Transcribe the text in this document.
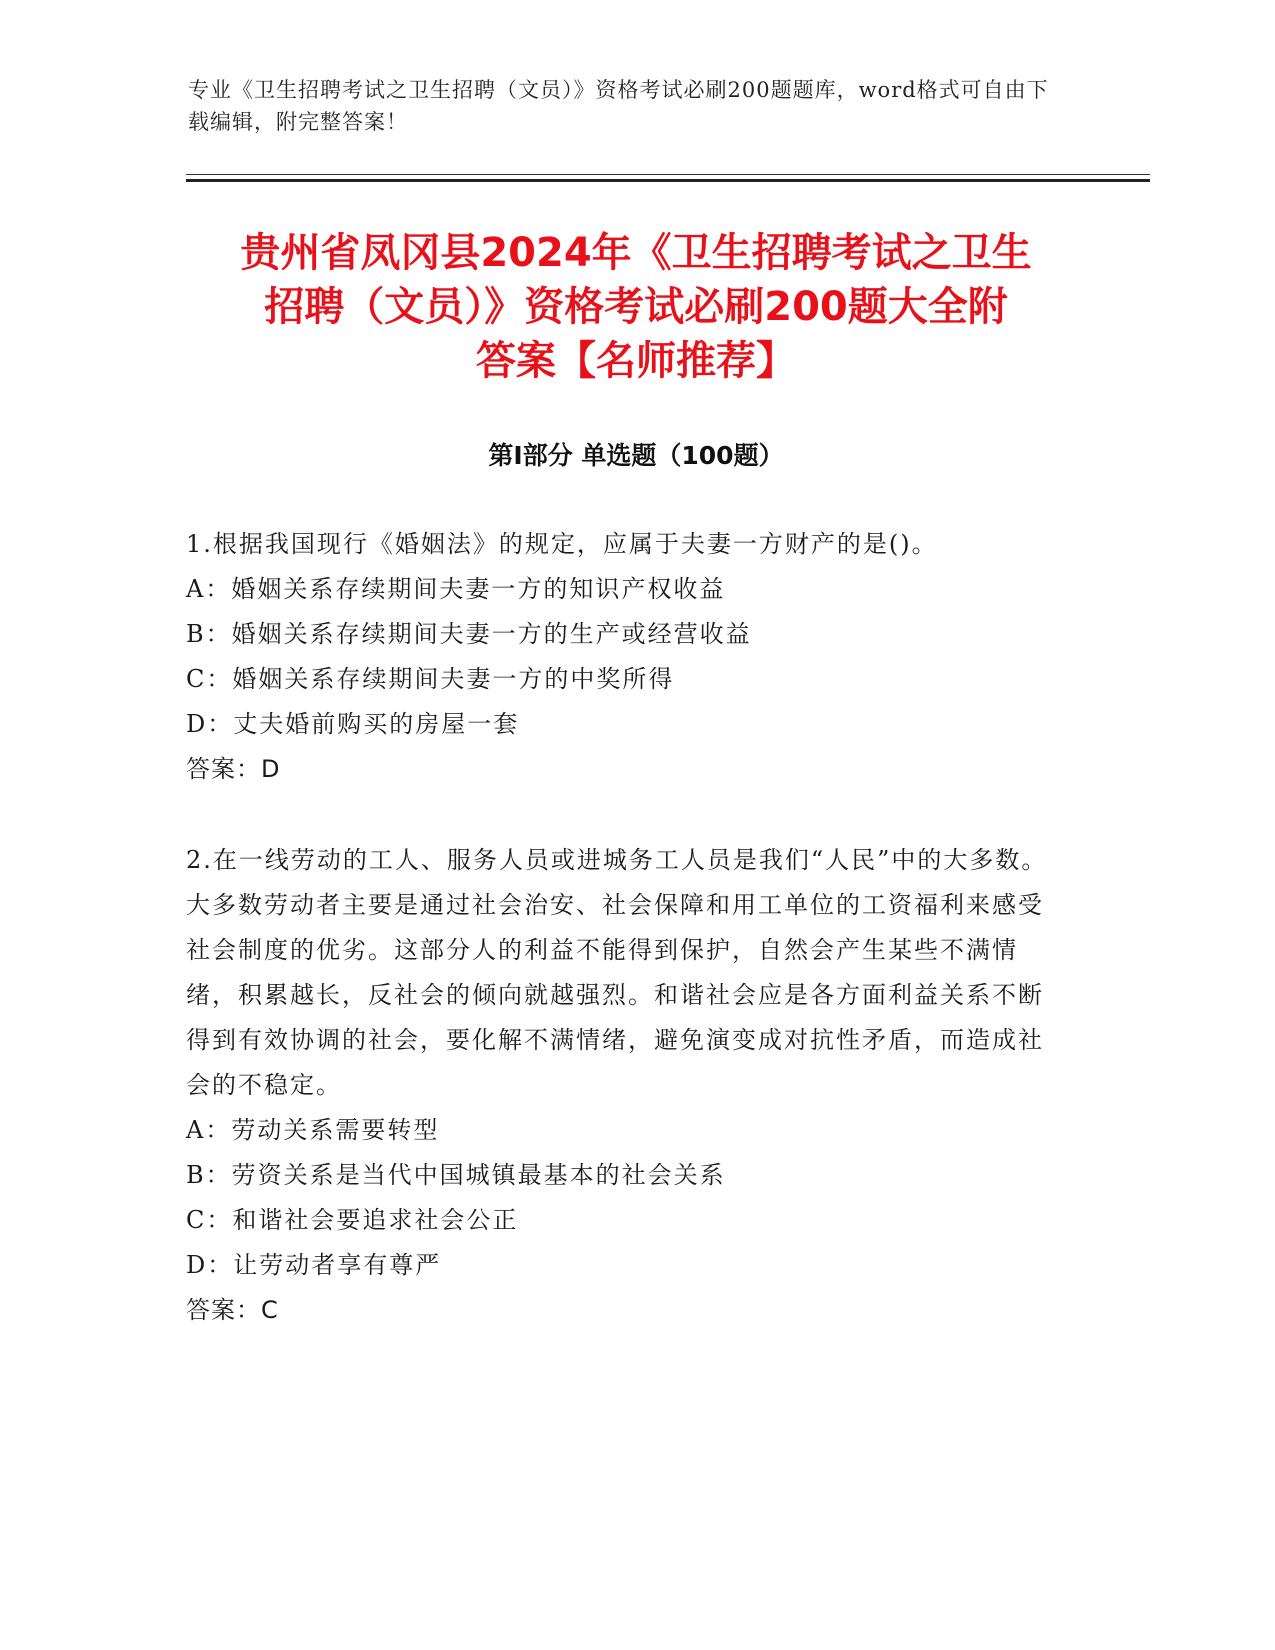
专业《卫生招聘考试之卫生招聘（文员）》资格考试必刷200题题库，word格式可自由下载编辑，附完整答案！
贵州省凤冈县2024年《卫生招聘考试之卫生
招聘（文员）》资格考试必刷200题大全附
答案【名师推荐】
第Ⅰ部分 单选题（100题）

1.根据我国现行《婚姻法》的规定，应属于夫妻一方财产的是()。

A：婚姻关系存续期间夫妻一方的知识产权收益

B：婚姻关系存续期间夫妻一方的生产或经营收益

C：婚姻关系存续期间夫妻一方的中奖所得

D：丈夫婚前购买的房屋一套

答案：D

2.在一线劳动的工人、服务人员或进城务工人员是我们“人民”中的大多数。大多数劳动者主要是通过社会治安、社会保障和用工单位的工资福利来感受社会制度的优劣。这部分人的利益不能得到保护，自然会产生某些不满情绪，积累越长，反社会的倾向就越强烈。和谐社会应是各方面利益关系不断得到有效协调的社会，要化解不满情绪，避免演变成对抗性矛盾，而造成社会的不稳定。

A：劳动关系需要转型

B：劳资关系是当代中国城镇最基本的社会关系

C：和谐社会要追求社会公正

D：让劳动者享有尊严

答案：C
